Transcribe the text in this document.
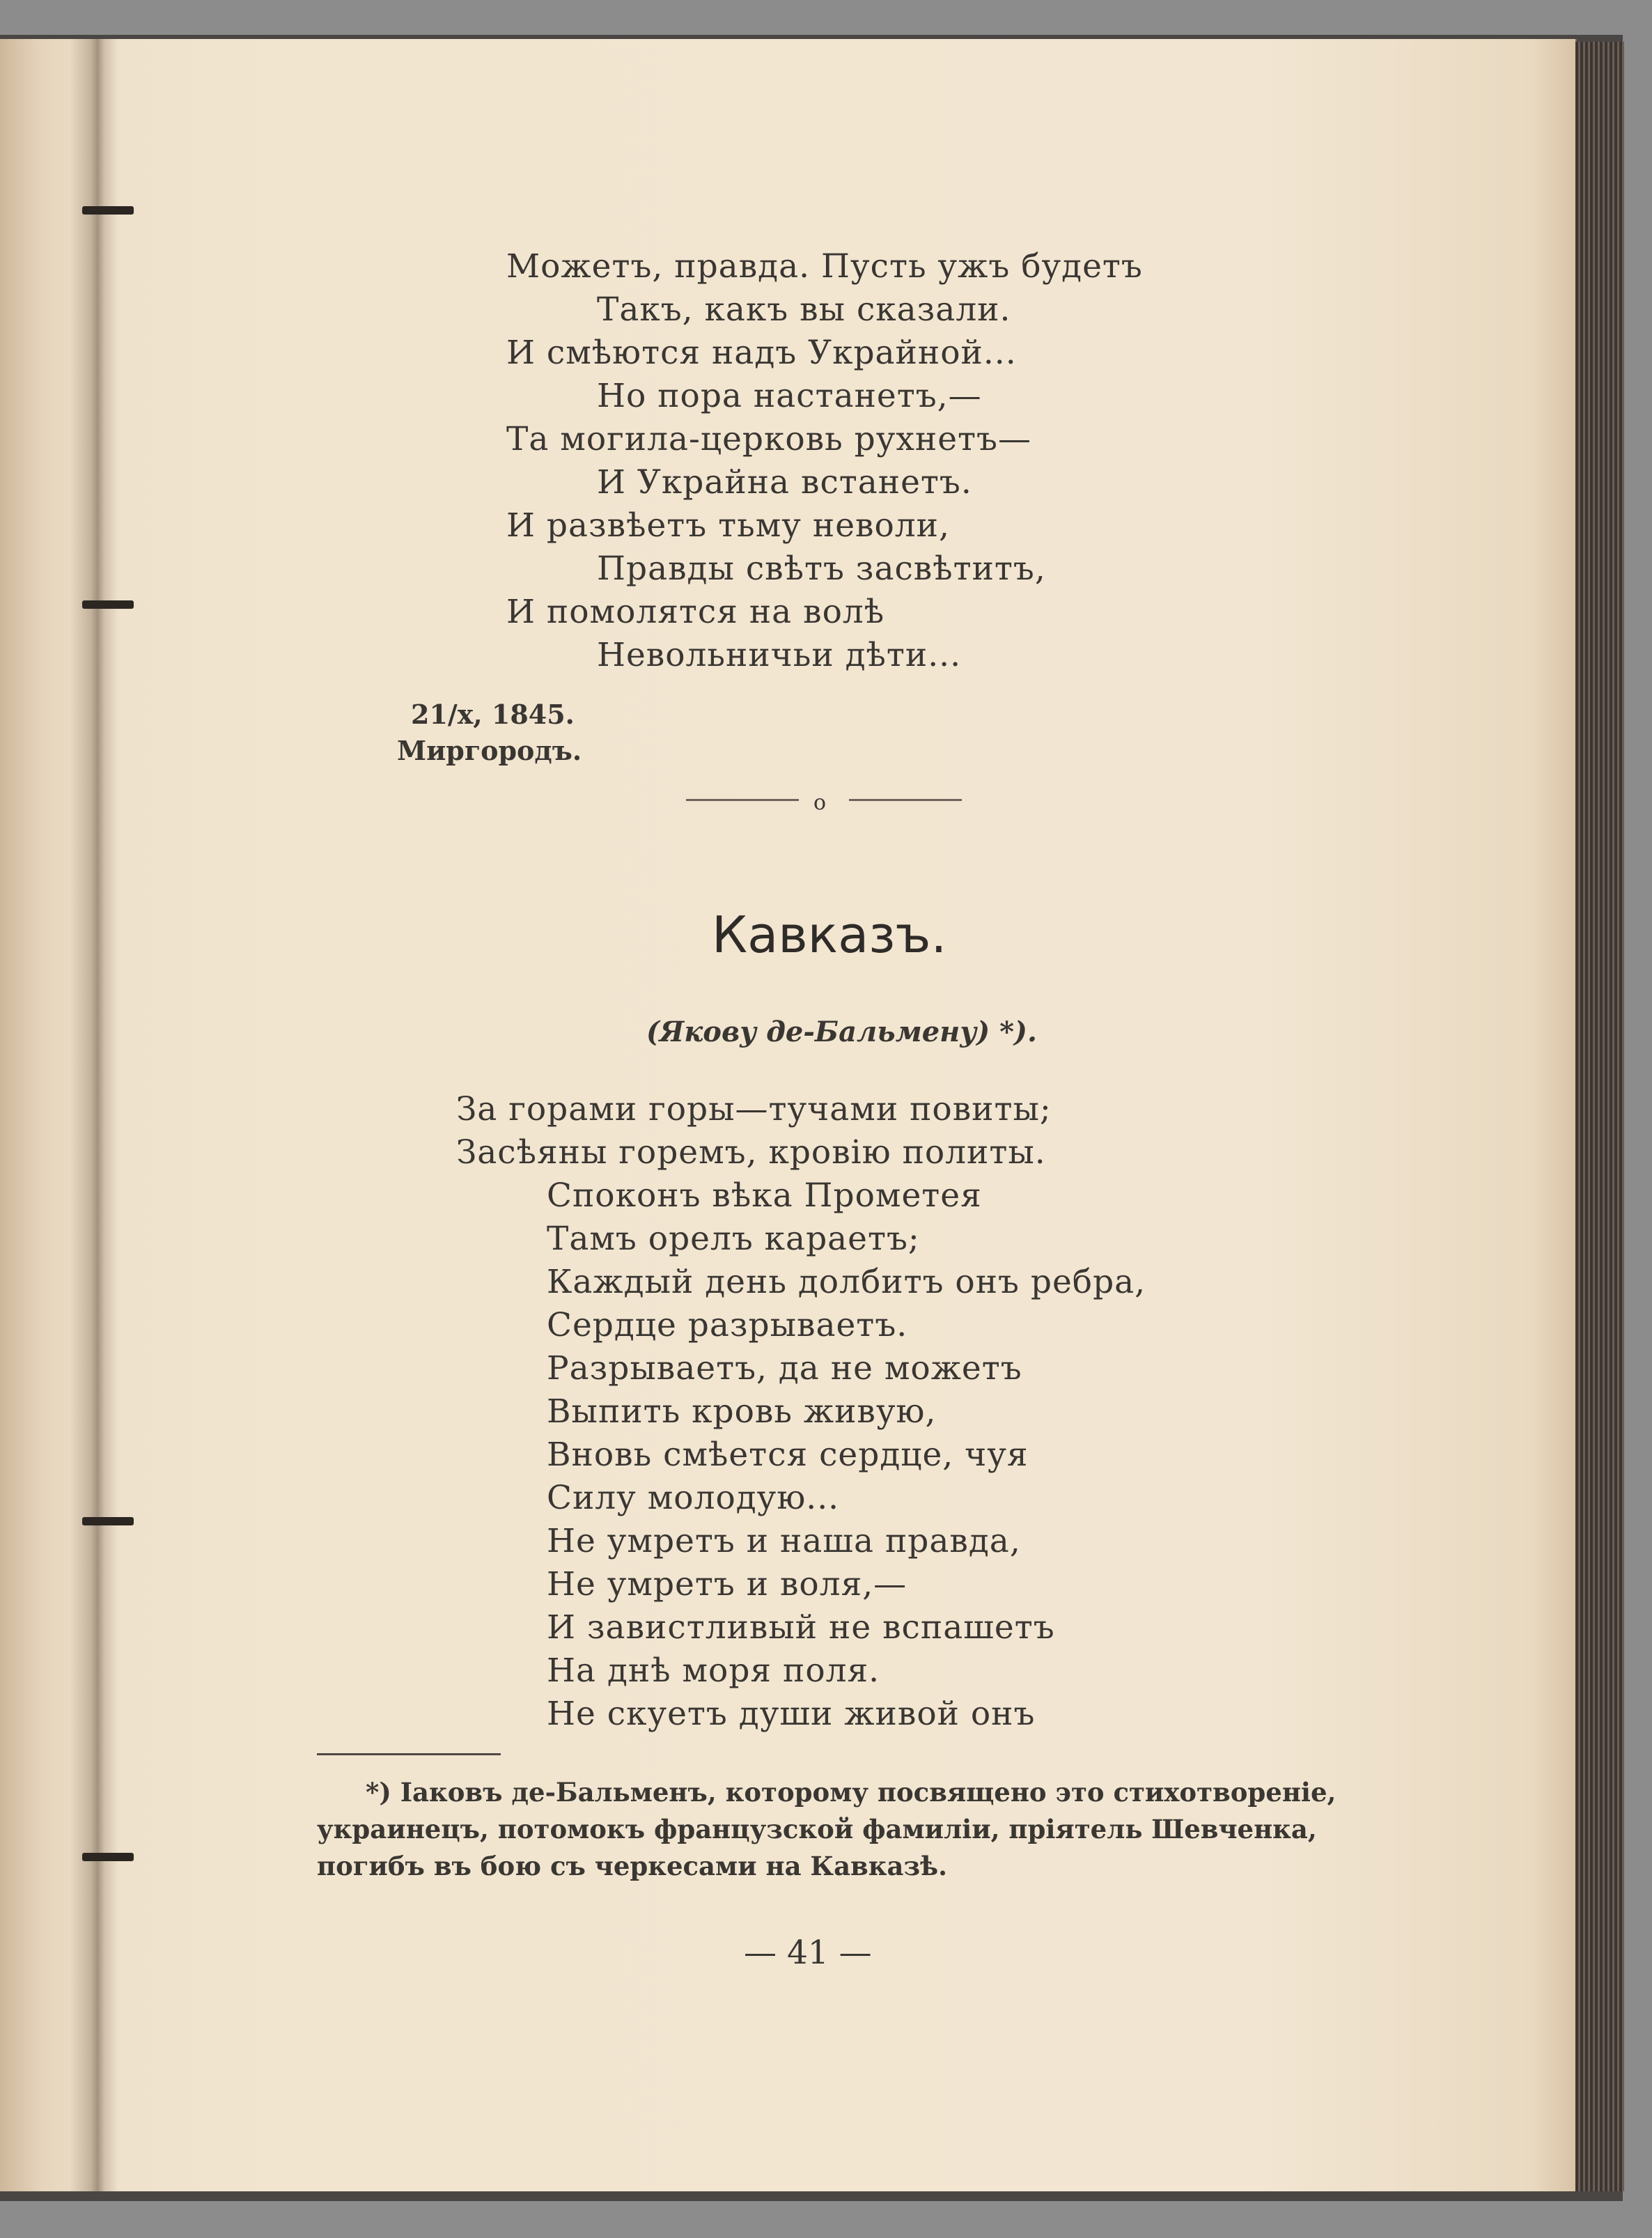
Можетъ, правда. Пусть ужъ будетъ
Такъ, какъ вы сказали.
И смѣются надъ Украйной...
Но пора настанетъ,—
Та могила-церковь рухнетъ—
И Украйна встанетъ.
И развѣетъ тьму неволи,
Правды свѣтъ засвѣтитъ,
И помолятся на волѣ
Невольничьи дѣти...
21/x, 1845.
Миргородъ.
o
Кавказъ.
(Якову де-Бальмену) *).
За горами горы—тучами повиты;
Засѣяны горемъ, кровію политы.
Споконъ вѣка Прометея
Тамъ орелъ караетъ;
Каждый день долбитъ онъ ребра,
Сердце разрываетъ.
Разрываетъ, да не можетъ
Выпить кровь живую,
Вновь смѣется сердце, чуя
Силу молодую...
Не умретъ и наша правда,
Не умретъ и воля,—
И завистливый не вспашетъ
На днѣ моря поля.
Не скуетъ души живой онъ
*) Іаковъ де-Бальменъ, которому посвящено это стихотвореніе,
украинецъ, потомокъ французской фамиліи, пріятель Шевченка,
погибъ въ бою съ черкесами на Кавказѣ.
— 41 —
